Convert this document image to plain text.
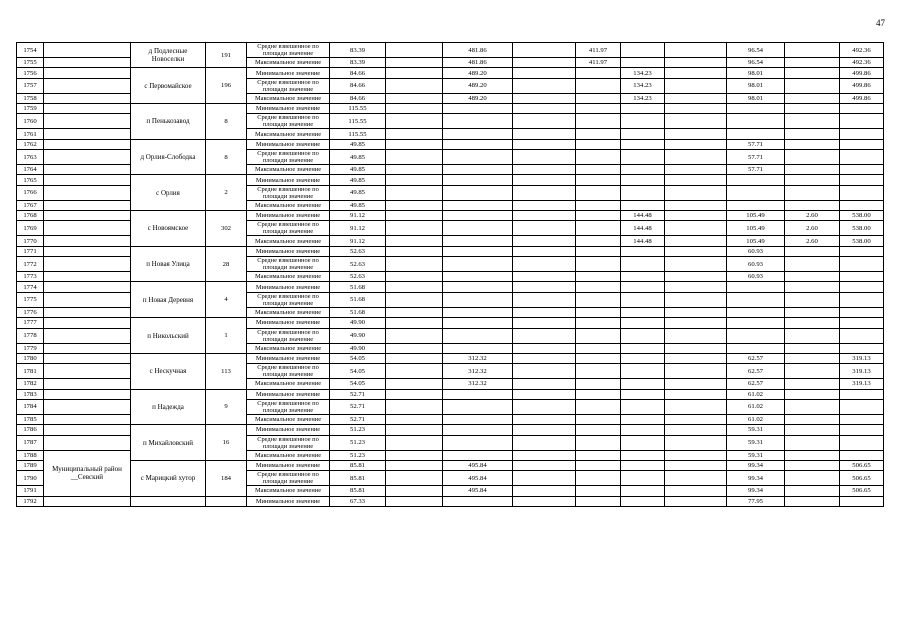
47
1754		д Подлесные Новоселки	191	Средне взвешенное по площади значение	83.39		481.86		411.97			96.54		492.36
1755				Максимальное значение	83.39		481.86		411.97			96.54		492.36
1756		с Первомайское	196	Минимальное значение	84.66		489.20			134.23		98.01		499.86
1757				Средне взвешенное по площади значение	84.66		489.20			134.23		98.01		499.86
1758				Максимальное значение	84.66		489.20			134.23		98.01		499.86
1759		п Пенькозавод	8	Минимальное значение	115.55									
1760				Средне взвешенное по площади значение	115.55									
1761				Максимальное значение	115.55									
1762		д Орлия-Слободка	8	Минимальное значение	49.85							57.71		
1763				Средне взвешенное по площади значение	49.85							57.71		
1764				Максимальное значение	49.85							57.71		
1765		с Орлия	2	Минимальное значение	49.85									
1766				Средне взвешенное по площади значение	49.85									
1767				Максимальное значение	49.85									
1768		с Новоямское	302	Минимальное значение	91.12					144.48		105.49	2.60	538.00
1769				Средне взвешенное по площади значение	91.12					144.48		105.49	2.60	538.00
1770				Максимальное значение	91.12					144.48		105.49	2.60	538.00
1771		п Новая Улица	28	Минимальное значение	52.63							60.93		
1772				Средне взвешенное по площади значение	52.63							60.93		
1773				Максимальное значение	52.63							60.93		
1774		п Новая Деревня	4	Минимальное значение	51.68									
1775				Средне взвешенное по площади значение	51.68									
1776				Максимальное значение	51.68									
1777		п Никольский	1	Минимальное значение	49.90									
1778				Средне взвешенное по площади значение	49.90									
1779				Максимальное значение	49.90									
1780		с Нескучная	113	Минимальное значение	54.05		312.32					62.57		319.13
1781				Средне взвешенное по площади значение	54.05		312.32					62.57		319.13
1782				Максимальное значение	54.05		312.32					62.57		319.13
1783		п Надежда	9	Минимальное значение	52.71							61.02		
1784				Средне взвешенное по площади значение	52.71							61.02		
1785				Максимальное значение	52.71							61.02		
1786		п Михайловский	16	Минимальное значение	51.23							59.31		
1787				Средне взвешенное по площади значение	51.23							59.31		
1788	Муниципальный район __Севский			Максимальное значение	51.23							59.31		
1789		с Марицкий хутор	184	Минимальное значение	85.81		495.84					99.34		506.65
1790				Средне взвешенное по площади значение	85.81		495.84					99.34		506.65
1791				Максимальное значение	85.81		495.84					99.34		506.65
1792				Минимальное значение	67.33							77.95		
